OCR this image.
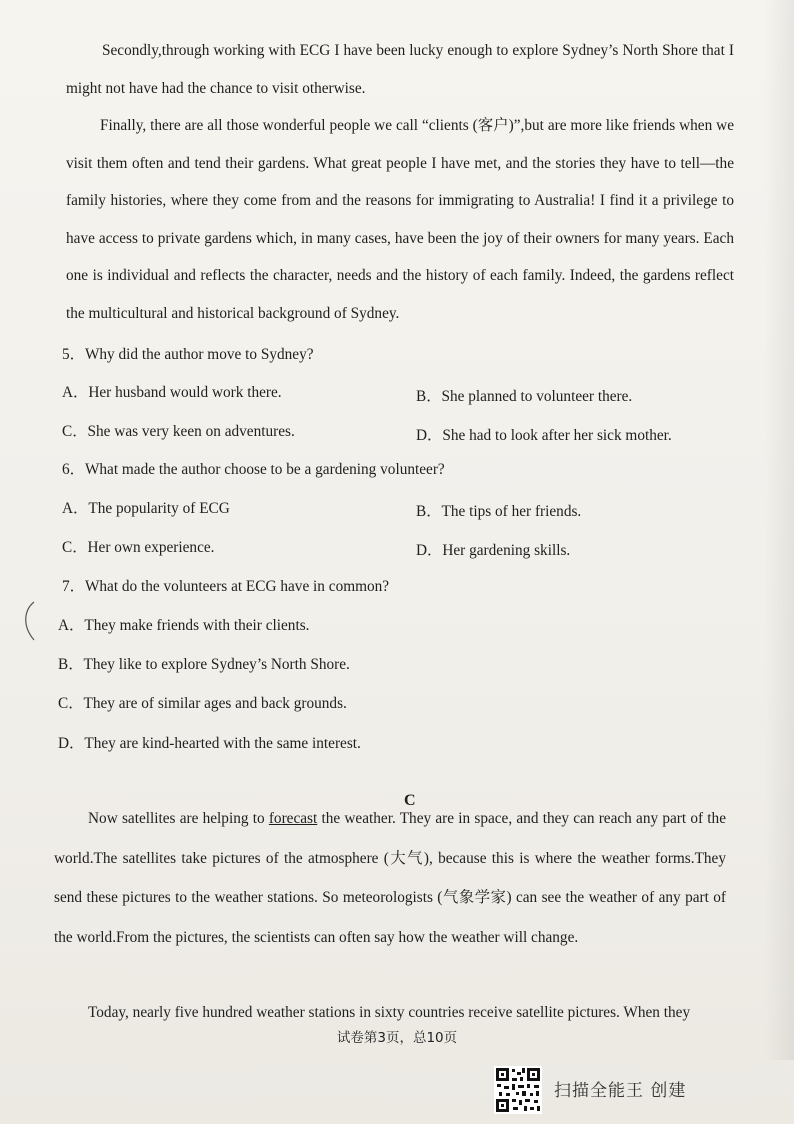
Secondly,through working with ECG I have been lucky enough to explore Sydney’s North Shore that I might not have had the chance to visit otherwise.

Finally, there are all those wonderful people we call “clients (客户)”,but are more like friends when we visit them often and tend their gardens. What great people I have met, and the stories they have to tell—the family histories, where they come from and the reasons for immigrating to Australia! I find it a privilege to have access to private gardens which, in many cases, have been the joy of their owners for many years. Each one is individual and reflects the character, needs and the history of each family. Indeed, the gardens reflect the multicultural and historical background of Sydney.

5．Why did the author move to Sydney?
A．Her husband would work there.	B．She planned to volunteer there.
C．She was very keen on adventures.	D．She had to look after her sick mother.
6．What made the author choose to be a gardening volunteer?
A．The popularity of ECG	B．The tips of her friends.
C．Her own experience.	D．Her gardening skills.
7．What do the volunteers at ECG have in common?
A．They make friends with their clients.
B．They like to explore Sydney’s North Shore.
C．They are of similar ages and back grounds.
D．They are kind-hearted with the same interest.
C

Now satellites are helping to forecast the weather. They are in space, and they can reach any part of the world.The satellites take pictures of the atmosphere (大气), because this is where the weather forms.They send these pictures to the weather stations. So meteorologists (气象学家) can see the weather of any part of the world.From the pictures, the scientists can often say how the weather will change.

Today, nearly five hundred weather stations in sixty countries receive satellite pictures. When they
试卷第3页，总10页
扫描全能王 创建
